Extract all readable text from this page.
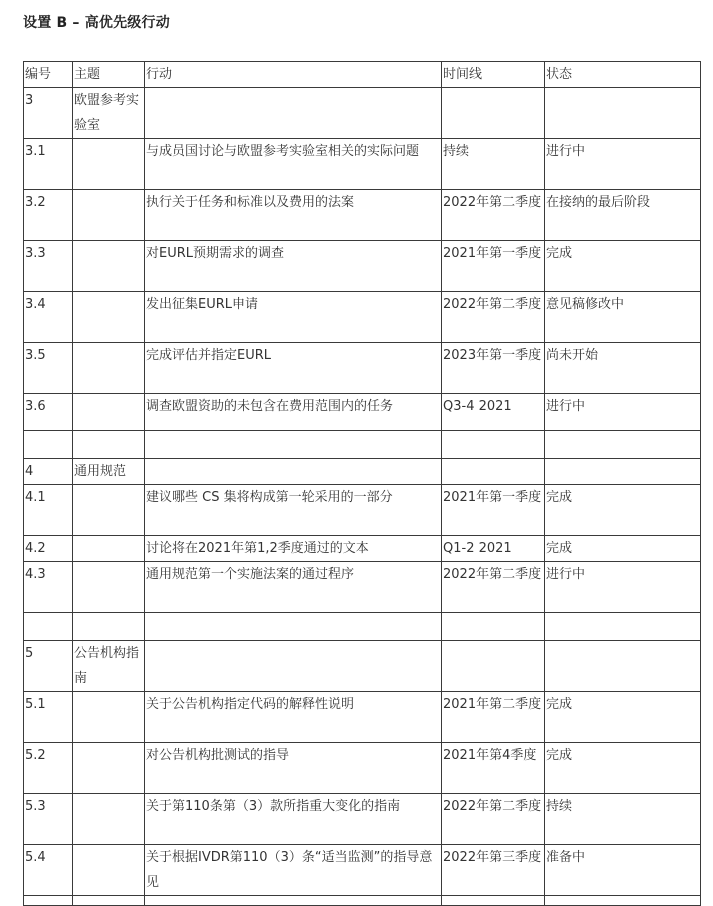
设置 B – 高优先级行动
编号	主题	行动	时间线	状态
3	欧盟参考实验室			
3.1		与成员国讨论与欧盟参考实验室相关的实际问题	持续	进行中
3.2		执行关于任务和标准以及费用的法案	2022年第二季度	在接纳的最后阶段
3.3		对EURL预期需求的调查	2021年第一季度	完成
3.4		发出征集EURL申请	2022年第二季度	意见稿修改中
3.5		完成评估并指定EURL	2023年第一季度	尚未开始
3.6		调查欧盟资助的未包含在费用范围内的任务	Q3-4 2021	进行中

4	通用规范			
4.1		建议哪些 CS 集将构成第一轮采用的一部分	2021年第一季度	完成
4.2		讨论将在2021年第1,2季度通过的文本	Q1-2 2021	完成
4.3		通用规范第一个实施法案的通过程序	2022年第二季度	进行中

5	公告机构指南			
5.1		关于公告机构指定代码的解释性说明	2021年第二季度	完成
5.2		对公告机构批测试的指导	2021年第4季度	完成
5.3		关于第110条第（3）款所指重大变化的指南	2022年第二季度	持续
5.4		关于根据IVDR第110（3）条“适当监测”的指导意见	2022年第三季度	准备中
